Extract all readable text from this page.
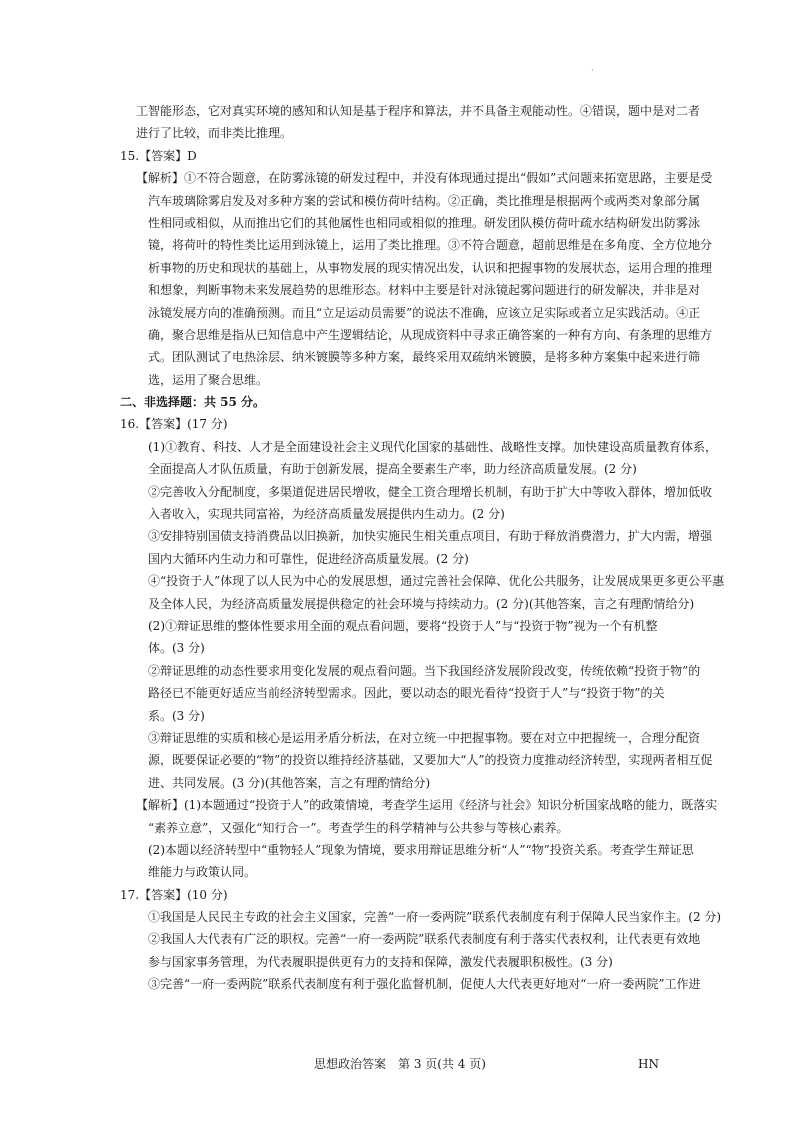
·
工智能形态，它对真实环境的感知和认知是基于程序和算法，并不具备主观能动性。④错误，题中是对二者
进行了比较，而非类比推理。
15.【答案】D
【解析】①不符合题意，在防雾泳镜的研发过程中，并没有体现通过提出“假如”式问题来拓宽思路，主要是受
汽车玻璃除雾启发及对多种方案的尝试和模仿荷叶结构。②正确，类比推理是根据两个或两类对象部分属
性相同或相似，从而推出它们的其他属性也相同或相似的推理。研发团队模仿荷叶疏水结构研发出防雾泳
镜，将荷叶的特性类比运用到泳镜上，运用了类比推理。③不符合题意，超前思维是在多角度、全方位地分
析事物的历史和现状的基础上，从事物发展的现实情况出发，认识和把握事物的发展状态，运用合理的推理
和想象，判断事物未来发展趋势的思维形态。材料中主要是针对泳镜起雾问题进行的研发解决，并非是对
泳镜发展方向的准确预测。而且“立足运动员需要”的说法不准确，应该立足实际或者立足实践活动。④正
确，聚合思维是指从已知信息中产生逻辑结论，从现成资料中寻求正确答案的一种有方向、有条理的思维方
式。团队测试了电热涂层、纳米镀膜等多种方案，最终采用双疏纳米镀膜，是将多种方案集中起来进行筛
选，运用了聚合思维。
二、非选择题：共 55 分。
16.【答案】(17 分)
(1)①教育、科技、人才是全面建设社会主义现代化国家的基础性、战略性支撑。加快建设高质量教育体系，
全面提高人才队伍质量，有助于创新发展，提高全要素生产率，助力经济高质量发展。(2 分)
②完善收入分配制度，多渠道促进居民增收，健全工资合理增长机制，有助于扩大中等收入群体，增加低收
入者收入，实现共同富裕，为经济高质量发展提供内生动力。(2 分)
③安排特别国债支持消费品以旧换新，加快实施民生相关重点项目，有助于释放消费潜力，扩大内需，增强
国内大循环内生动力和可靠性，促进经济高质量发展。(2 分)
④“投资于人”体现了以人民为中心的发展思想，通过完善社会保障、优化公共服务，让发展成果更多更公平惠
及全体人民，为经济高质量发展提供稳定的社会环境与持续动力。(2 分)(其他答案，言之有理酌情给分)
(2)①辩证思维的整体性要求用全面的观点看问题，要将“投资于人”与“投资于物”视为一个有机整
体。(3 分)
②辩证思维的动态性要求用变化发展的观点看问题。当下我国经济发展阶段改变，传统依赖“投资于物”的
路径已不能更好适应当前经济转型需求。因此，要以动态的眼光看待“投资于人”与“投资于物”的关
系。(3 分)
③辩证思维的实质和核心是运用矛盾分析法，在对立统一中把握事物。要在对立中把握统一，合理分配资
源，既要保证必要的“物”的投资以维持经济基础，又要加大“人”的投资力度推动经济转型，实现两者相互促
进、共同发展。(3 分)(其他答案，言之有理酌情给分)
【解析】(1)本题通过“投资于人”的政策情境，考查学生运用《经济与社会》知识分析国家战略的能力，既落实
“素养立意”，又强化“知行合一”。考查学生的科学精神与公共参与等核心素养。
(2)本题以经济转型中“重物轻人”现象为情境，要求用辩证思维分析“人”“物”投资关系。考查学生辩证思
维能力与政策认同。
17.【答案】(10 分)
①我国是人民民主专政的社会主义国家，完善“一府一委两院”联系代表制度有利于保障人民当家作主。(2 分)
②我国人大代表有广泛的职权。完善“一府一委两院”联系代表制度有利于落实代表权利，让代表更有效地
参与国家事务管理，为代表履职提供更有力的支持和保障，激发代表履职积极性。(3 分)
③完善“一府一委两院”联系代表制度有利于强化监督机制，促使人大代表更好地对“一府一委两院”工作进
思想政治答案　第 3 页(共 4 页)	HN
